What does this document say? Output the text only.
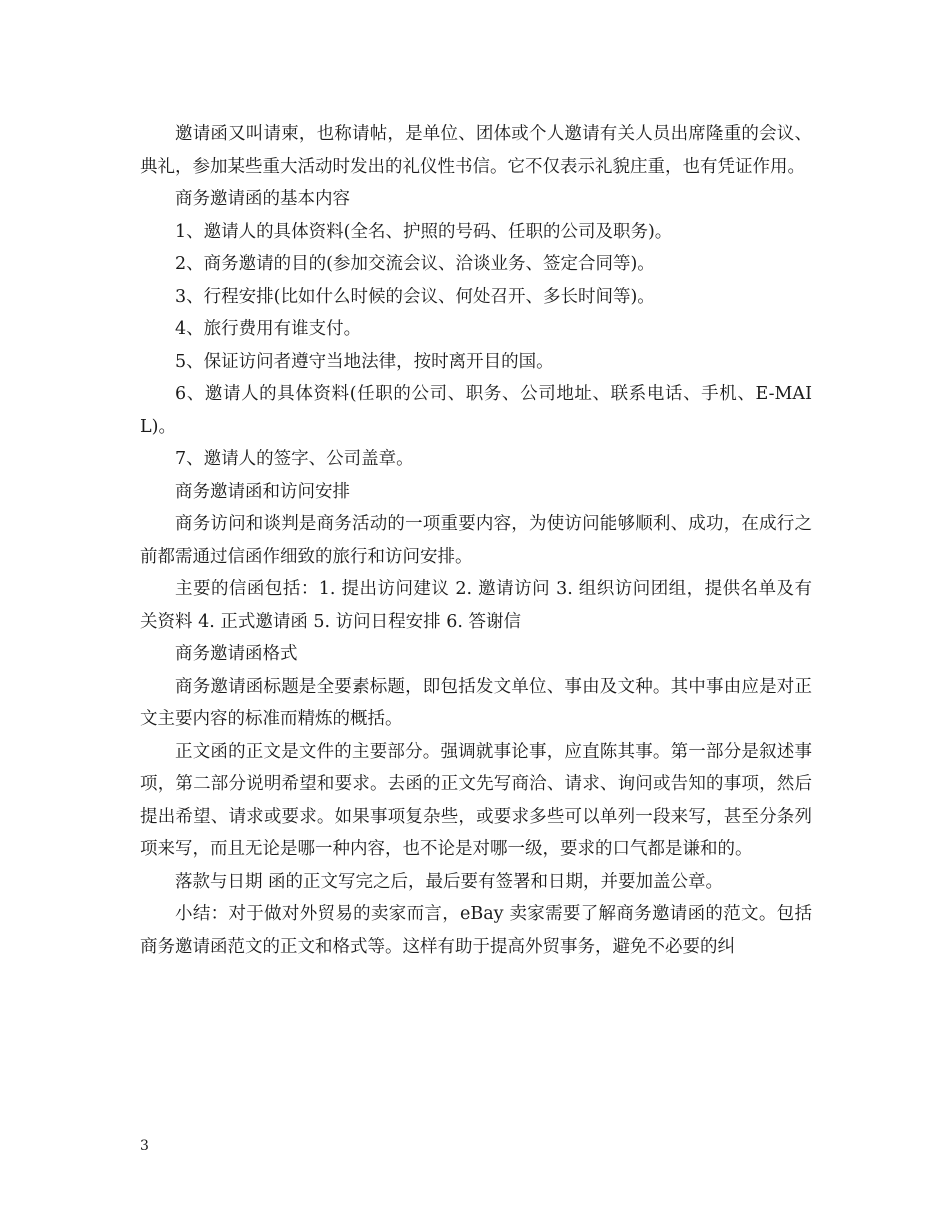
邀请函又叫请柬，也称请帖，是单位、团体或个人邀请有关人员出席隆重的会议、典礼，参加某些重大活动时发出的礼仪性书信。它不仅表示礼貌庄重，也有凭证作用。

商务邀请函的基本内容

1、邀请人的具体资料(全名、护照的号码、任职的公司及职务)。

2、商务邀请的目的(参加交流会议、洽谈业务、签定合同等)。

3、行程安排(比如什么时候的会议、何处召开、多长时间等)。

4、旅行费用有谁支付。

5、保证访问者遵守当地法律，按时离开目的国。

6、邀请人的具体资料(任职的公司、职务、公司地址、联系电话、手机、E-MAIL)。

7、邀请人的签字、公司盖章。

商务邀请函和访问安排

商务访问和谈判是商务活动的一项重要内容，为使访问能够顺利、成功，在成行之前都需通过信函作细致的旅行和访问安排。

主要的信函包括：1. 提出访问建议 2. 邀请访问 3. 组织访问团组，提供名单及有关资料 4. 正式邀请函 5. 访问日程安排 6. 答谢信

商务邀请函格式

商务邀请函标题是全要素标题，即包括发文单位、事由及文种。其中事由应是对正文主要内容的标准而精炼的概括。

正文函的正文是文件的主要部分。强调就事论事，应直陈其事。第一部分是叙述事项，第二部分说明希望和要求。去函的正文先写商洽、请求、询问或告知的事项，然后提出希望、请求或要求。如果事项复杂些，或要求多些可以单列一段来写，甚至分条列项来写，而且无论是哪一种内容，也不论是对哪一级，要求的口气都是谦和的。

落款与日期 函的正文写完之后，最后要有签署和日期，并要加盖公章。

小结：对于做对外贸易的卖家而言，eBay 卖家需要了解商务邀请函的范文。包括商务邀请函范文的正文和格式等。这样有助于提高外贸事务，避免不必要的纠

3
